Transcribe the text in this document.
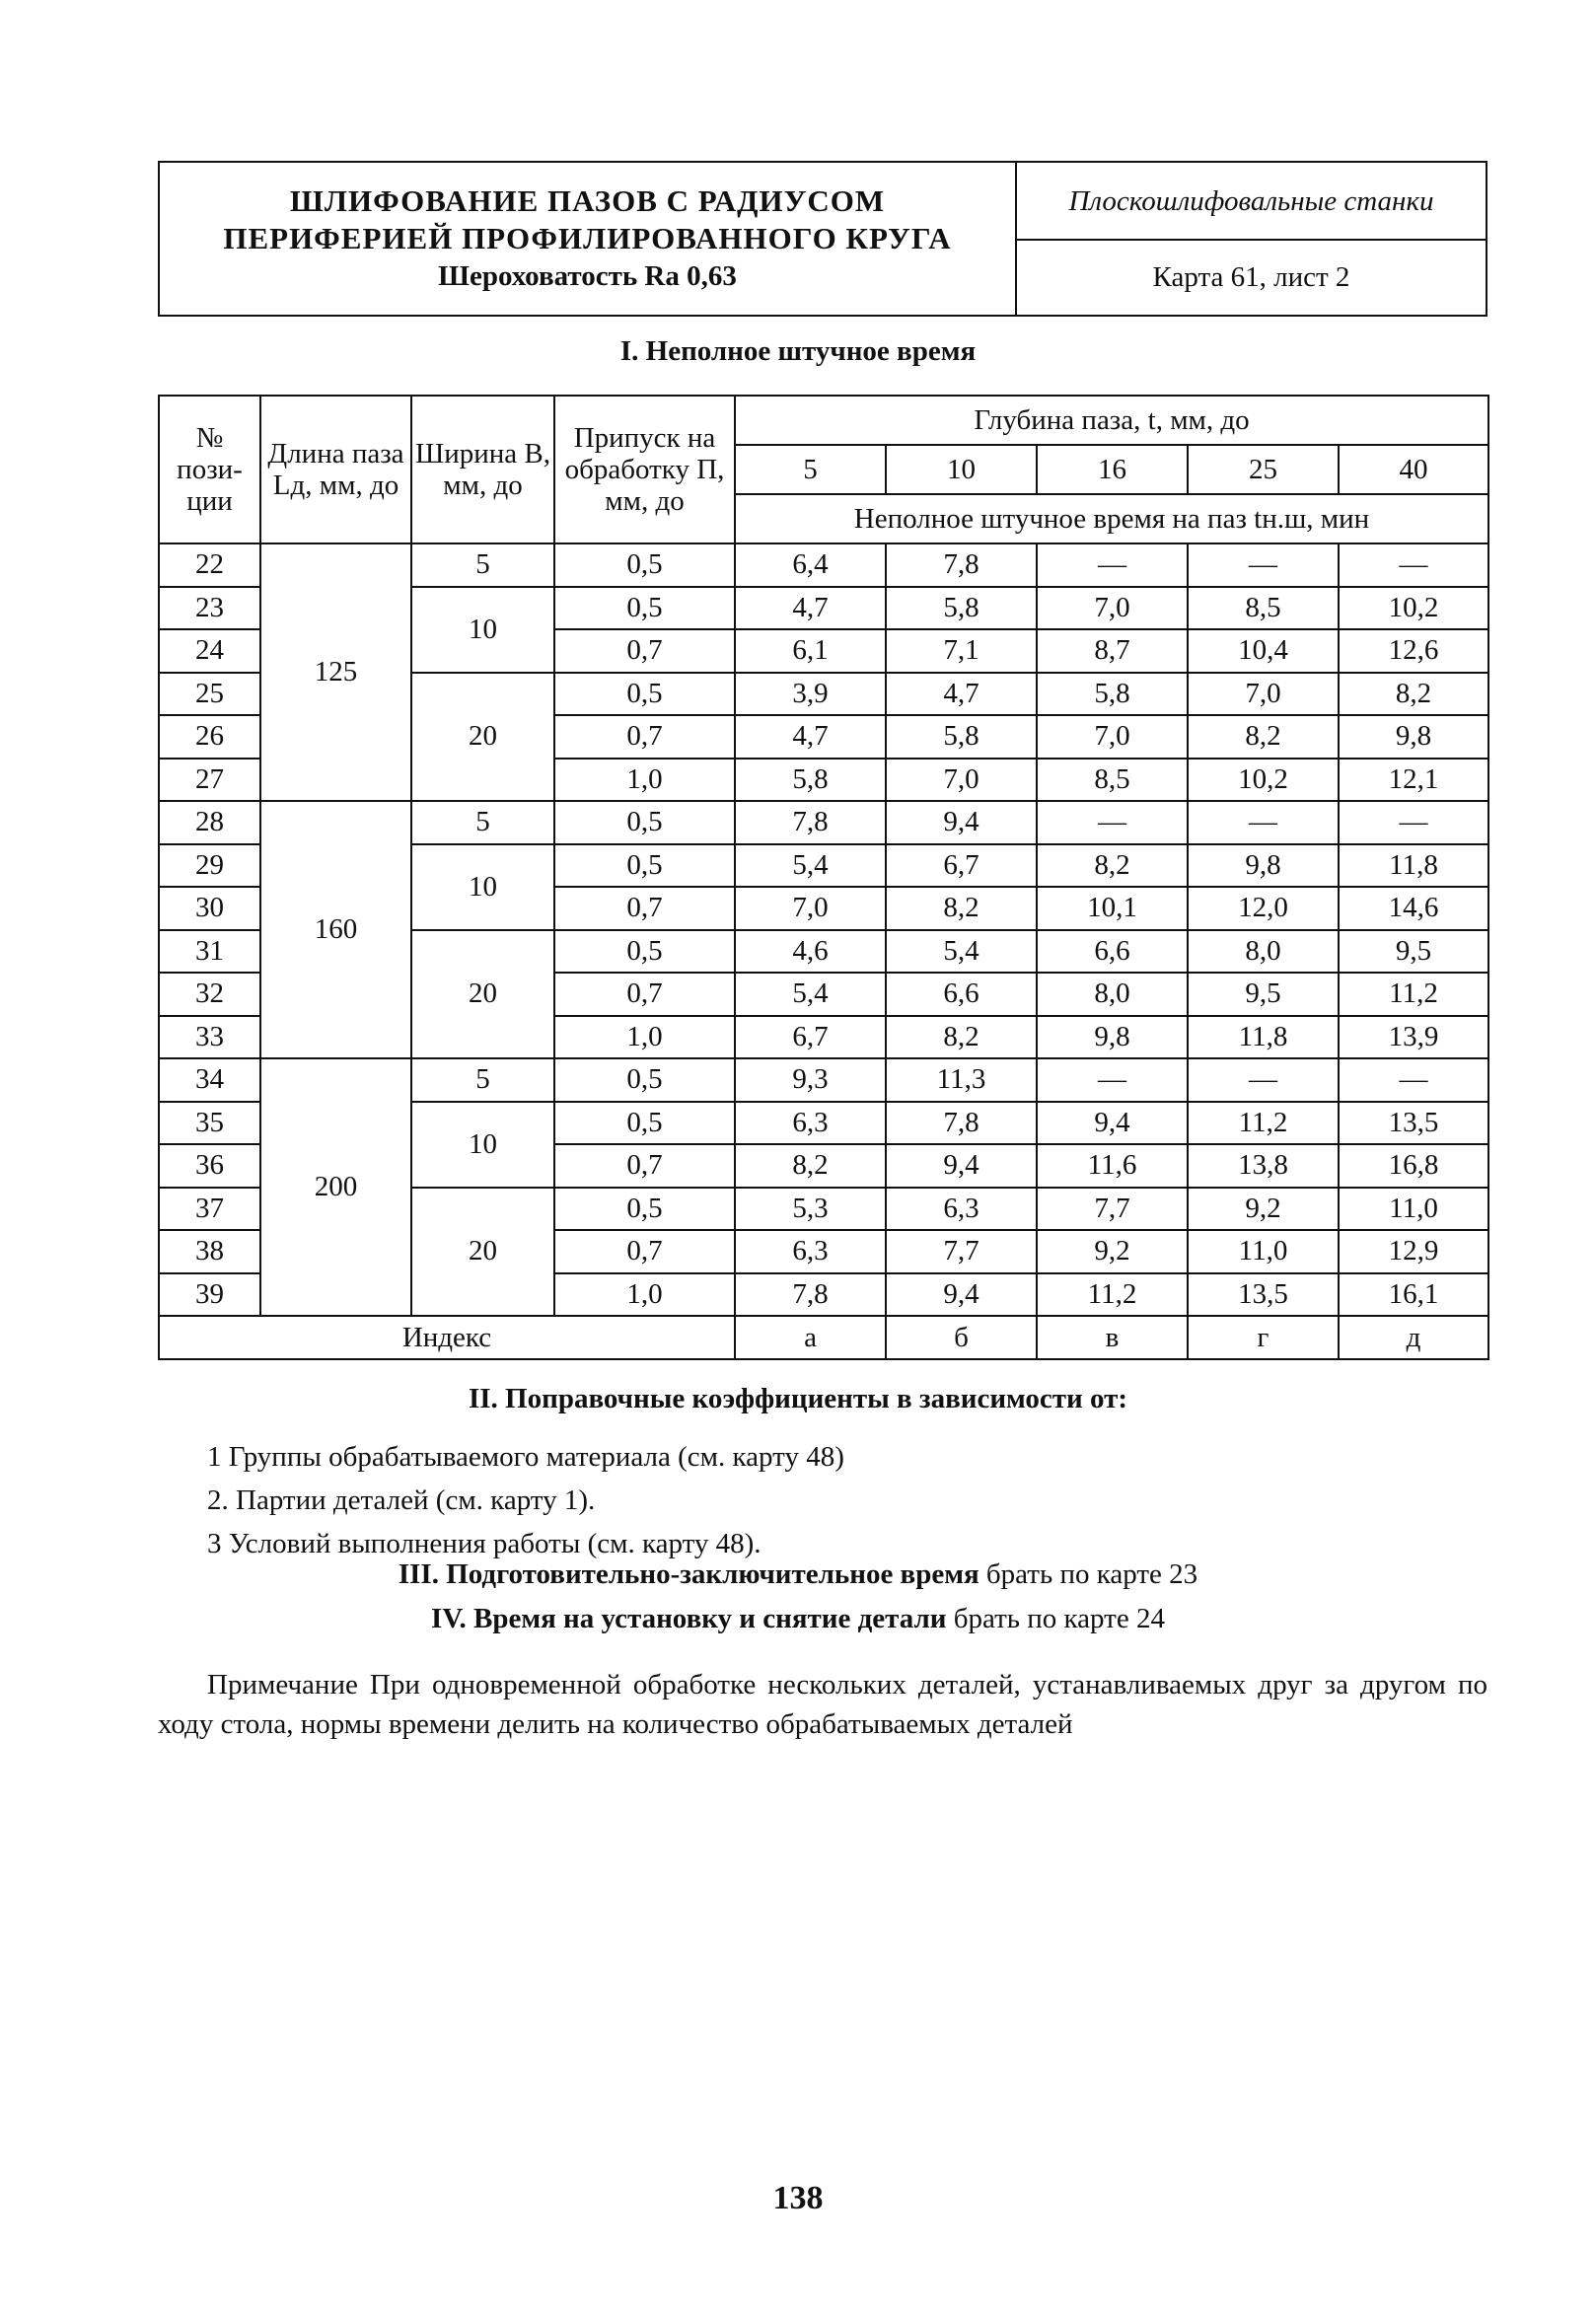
ШЛИФОВАНИЕ ПАЗОВ С РАДИУСОМ
ПЕРИФЕРИЕЙ ПРОФИЛИРОВАННОГО КРУГА
Шероховатость Ra 0,63
Плоскошлифовальные станки
Карта 61, лист 2
I. Неполное штучное время
№ пози-ции	Длина паза Lд, мм, до	Ширина В, мм, до	Припуск на обработку П, мм, до	Глубина паза, t, мм, до				
				5	10	16	25	40
				Неполное штучное время на паз tн.ш, мин				
22	125	5	0,5	6,4	7,8	—	—	—
23		10	0,5	4,7	5,8	7,0	8,5	10,2
24			0,7	6,1	7,1	8,7	10,4	12,6
25		20	0,5	3,9	4,7	5,8	7,0	8,2
26			0,7	4,7	5,8	7,0	8,2	9,8
27			1,0	5,8	7,0	8,5	10,2	12,1
28	160	5	0,5	7,8	9,4	—	—	—
29		10	0,5	5,4	6,7	8,2	9,8	11,8
30			0,7	7,0	8,2	10,1	12,0	14,6
31		20	0,5	4,6	5,4	6,6	8,0	9,5
32			0,7	5,4	6,6	8,0	9,5	11,2
33			1,0	6,7	8,2	9,8	11,8	13,9
34	200	5	0,5	9,3	11,3	—	—	—
35		10	0,5	6,3	7,8	9,4	11,2	13,5
36			0,7	8,2	9,4	11,6	13,8	16,8
37		20	0,5	5,3	6,3	7,7	9,2	11,0
38			0,7	6,3	7,7	9,2	11,0	12,9
39			1,0	7,8	9,4	11,2	13,5	16,1
Индекс				а	б	в	г	д
II. Поправочные коэффициенты в зависимости от:
1 Группы обрабатываемого материала (см. карту 48)
2. Партии деталей (см. карту 1).
3 Условий выполнения работы (см. карту 48).
III. Подготовительно-заключительное время брать по карте 23
IV. Время на установку и снятие детали брать по карте 24
Примечание При одновременной обработке нескольких деталей, устанавливаемых друг за другом по ходу стола, нормы времени делить на количество обрабатываемых деталей
138
